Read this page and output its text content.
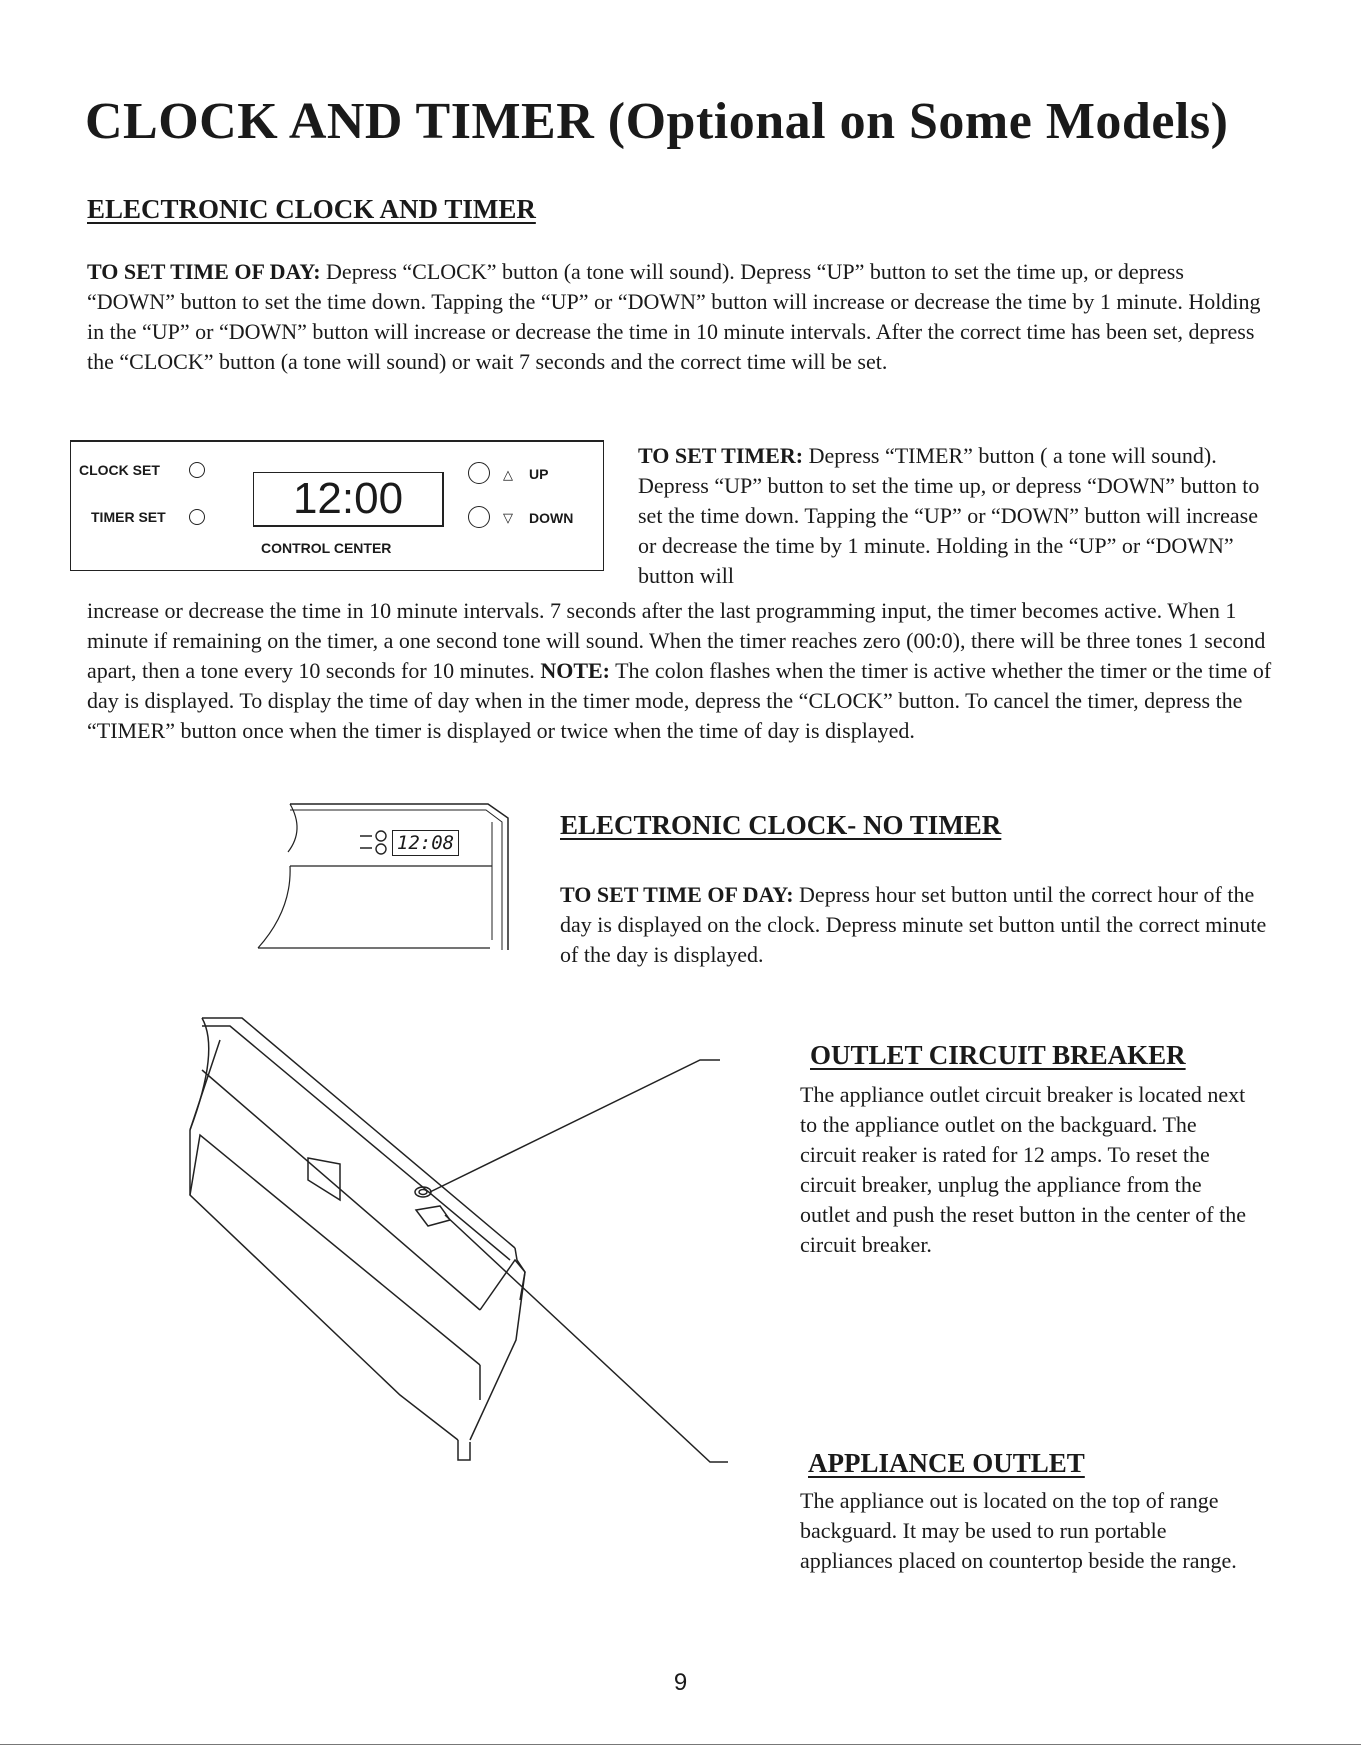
CLOCK AND TIMER (Optional on Some Models)
ELECTRONIC CLOCK AND TIMER

TO SET TIME OF DAY: Depress “CLOCK” button (a tone will sound). Depress “UP” button to set the time up, or depress “DOWN” button to set the time down. Tapping the “UP” or “DOWN” button will increase or decrease the time by 1 minute. Holding in the “UP” or “DOWN” button will increase or decrease the time in 10 minute intervals. After the correct time has been set, depress the “CLOCK” button (a tone will sound) or wait 7 seconds and the correct time will be set.

CLOCK SET
TIMER SET	12:00	△ UP
▽ DOWN
CONTROL CENTER

TO SET TIMER: Depress “TIMER” button ( a tone will sound). Depress “UP” button to set the time up, or depress “DOWN” button to set the time down. Tapping the “UP” or “DOWN” button will increase or decrease the time by 1 minute. Holding in the “UP” or “DOWN” button will

increase or decrease the time in 10 minute intervals. 7 seconds after the last programming input, the timer becomes active. When 1 minute if remaining on the timer, a one second tone will sound. When the timer reaches zero (00:0), there will be three tones 1 second apart, then a tone every 10 seconds for 10 minutes. NOTE: The colon flashes when the timer is active whether the timer or the time of day is displayed. To display the time of day when in the timer mode, depress the “CLOCK” button. To cancel the timer, depress the “TIMER” button once when the timer is displayed or twice when the time of day is displayed.

12:08
ELECTRONIC CLOCK- NO TIMER

TO SET TIME OF DAY: Depress hour set button until the correct hour of the day is displayed on the clock. Depress minute set button until the correct minute of the day is displayed.

OUTLET CIRCUIT BREAKER

The appliance outlet circuit breaker is located next to the appliance outlet on the backguard. The circuit reaker is rated for 12 amps. To reset the circuit breaker, unplug the appliance from the outlet and push the reset button in the center of the circuit breaker.

APPLIANCE OUTLET

The appliance out is located on the top of range backguard. It may be used to run portable appliances placed on countertop beside the range.

9
